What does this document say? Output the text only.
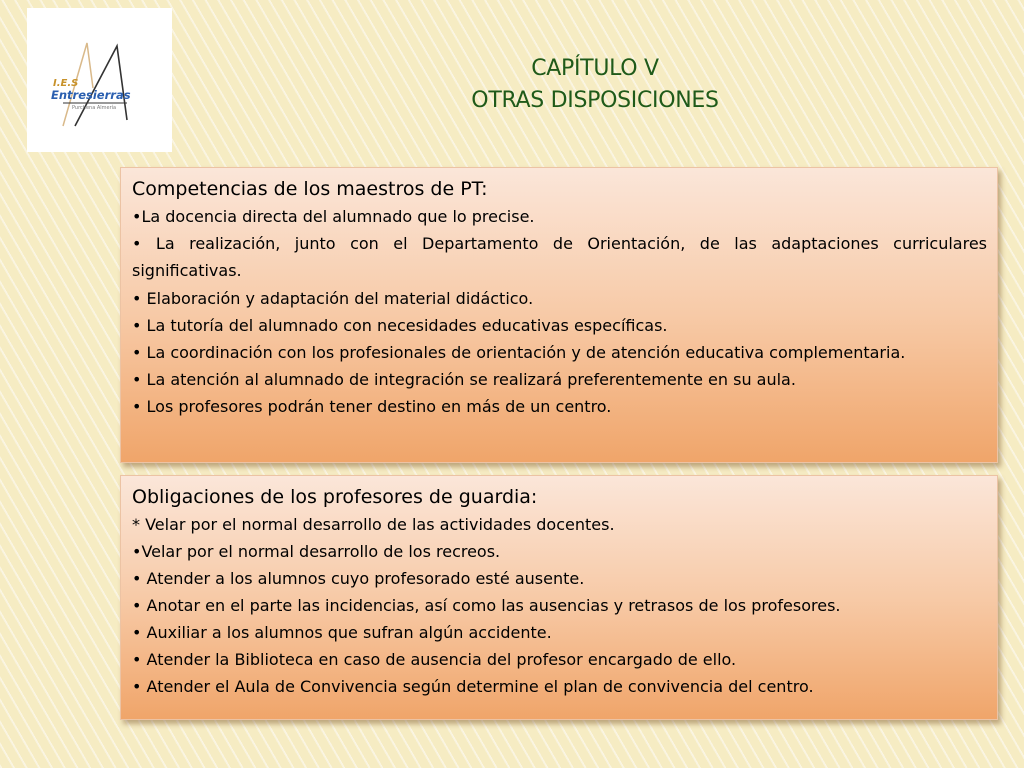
I.E.S
Entresierras
Purchena Almería
CAPÍTULO V
OTRAS DISPOSICIONES
Competencias de los maestros de PT:
•La docencia directa del alumnado que lo precise.
• La realización, junto con el Departamento de Orientación, de las adaptaciones curriculares significativas.
• Elaboración y adaptación del material didáctico.
• La tutoría del alumnado con necesidades educativas específicas.
• La coordinación con los profesionales de orientación y de atención educativa complementaria.
• La atención al alumnado de integración se realizará preferentemente en su aula.
• Los profesores podrán tener destino en más de un centro.
Obligaciones de los profesores de guardia:
* Velar por el normal desarrollo de las actividades docentes.
•Velar por el normal desarrollo de los recreos.
• Atender a los alumnos cuyo profesorado esté ausente.
• Anotar en el parte las incidencias, así como las ausencias y retrasos de los profesores.
• Auxiliar a los alumnos que sufran algún accidente.
• Atender la Biblioteca en caso de ausencia del profesor encargado de ello.
• Atender el Aula de Convivencia según determine el plan de convivencia del centro.
